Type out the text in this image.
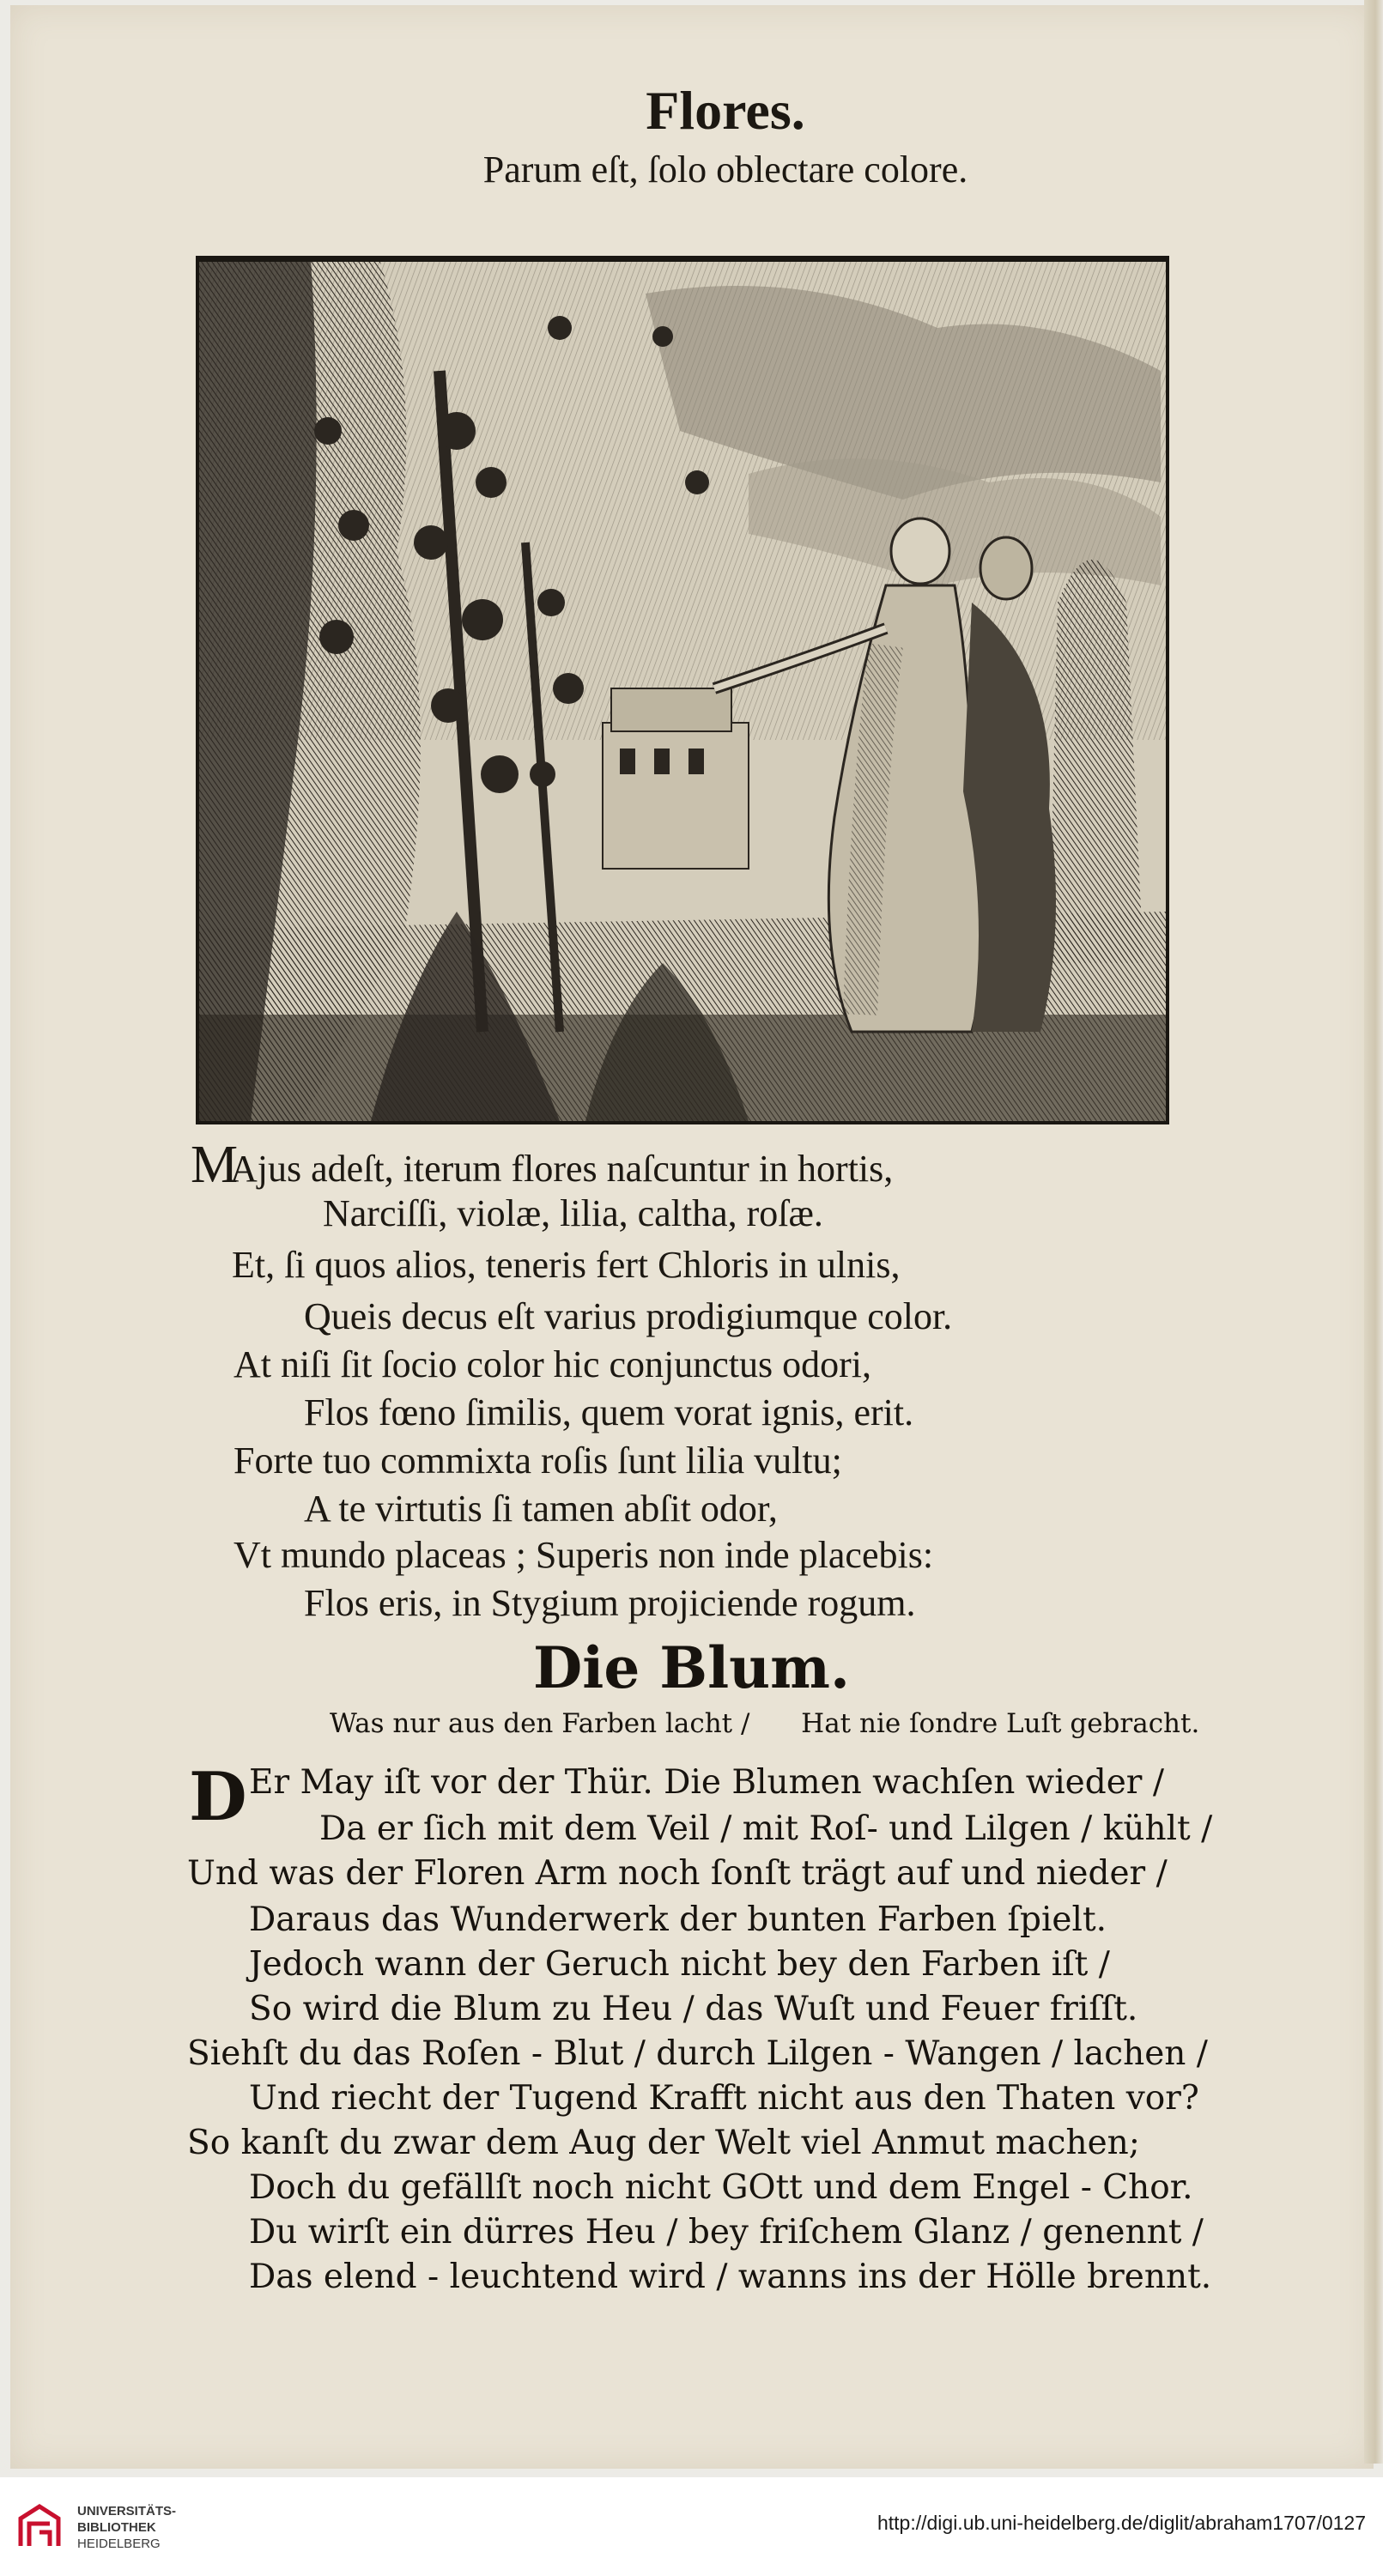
Flores.
Parum eſt, ſolo oblectare colore.
M
Ajus adeſt, iterum flores naſcuntur in hortis,
Narciſſi, violæ, lilia, caltha, roſæ.
Et, ſi quos alios, teneris fert Chloris in ulnis,
Queis decus eſt varius prodigiumque color.
At niſi ſit ſocio color hic conjunctus odori,
Flos fœno ſimilis, quem vorat ignis, erit.
Forte tuo commixta roſis ſunt lilia vultu;
A te virtutis ſi tamen abſit odor,
Vt mundo placeas ; Superis non inde placebis:
Flos eris, in Stygium projiciende rogum.
Die Blum.
Was nur aus den Farben lacht / Hat nie ſondre Luſt gebracht.
D Er May iſt vor der Thür. Die Blumen wachſen wieder /
Da er ſich mit dem Veil / mit Roſ- und Lilgen / kühlt /
Und was der Floren Arm noch ſonſt trägt auf und nieder /
Daraus das Wunderwerk der bunten Farben ſpielt.
Jedoch wann der Geruch nicht bey den Farben iſt /
So wird die Blum zu Heu / das Wuſt und Feuer friſſt.
Siehſt du das Roſen - Blut / durch Lilgen - Wangen / lachen /
Und riecht der Tugend Krafft nicht aus den Thaten vor?
So kanſt du zwar dem Aug der Welt viel Anmut machen;
Doch du gefällſt noch nicht GOtt und dem Engel - Chor.
Du wirſt ein dürres Heu / bey friſchem Glanz / genennt /
Das elend - leuchtend wird / wanns ins der Hölle brennt.
UNIVERSITÄTS-
BIBLIOTHEK
HEIDELBERG
http://digi.ub.uni-heidelberg.de/diglit/abraham1707/0127
